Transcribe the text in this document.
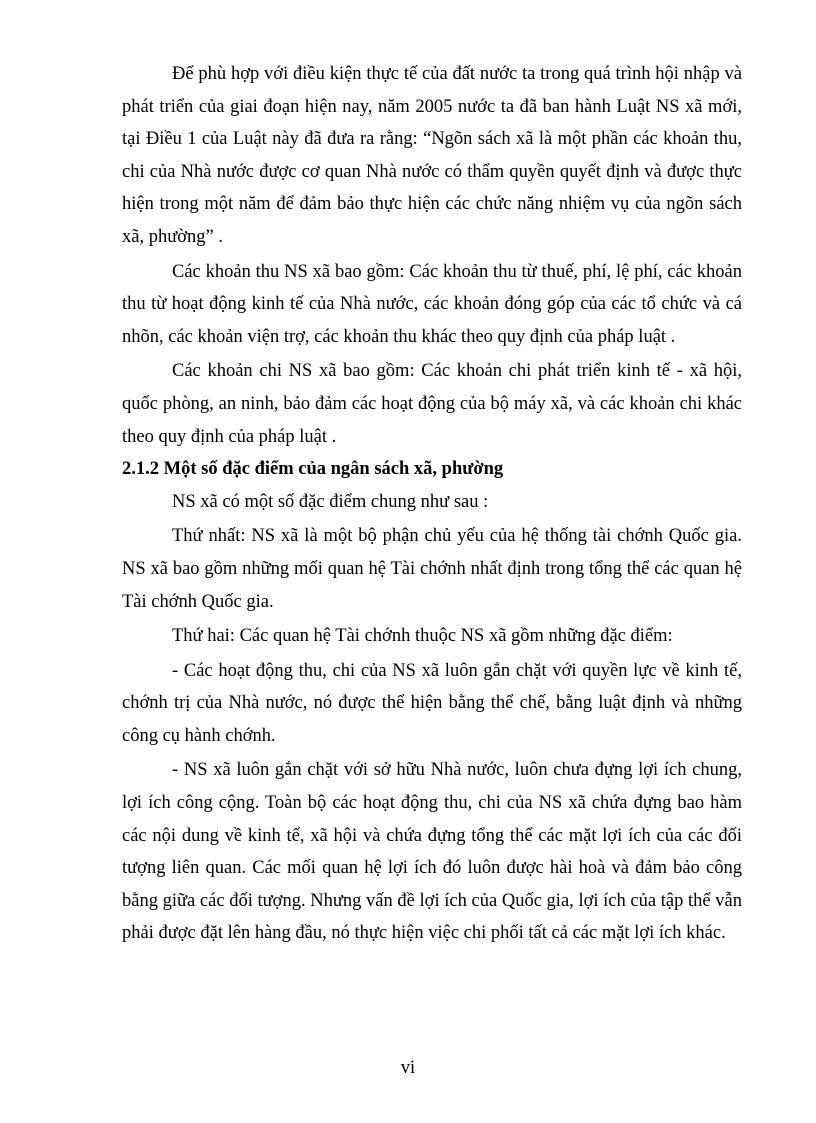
Để phù hợp với điều kiện thực tế của đất nước ta trong quá trình hội nhập và phát triển của giai đoạn hiện nay, năm 2005 nước ta đã ban hành Luật NS xã mới, tại Điều 1 của Luật này đã đưa ra rằng: “Ngõn sách xã là một phần các khoản thu, chi của Nhà nước được cơ quan Nhà nước có thẩm quyền quyết định và được thực hiện trong một năm để đảm bảo thực hiện các chức năng nhiệm vụ của ngõn sách xã, phường” .

Các khoản thu NS xã bao gồm: Các khoản thu từ thuế, phí, lệ phí, các khoản thu từ hoạt động kinh tế của Nhà nước, các khoản đóng góp của các tổ chức và cá nhõn, các khoản viện trợ, các khoản thu khác theo quy định của pháp luật .

Các khoản chi NS xã bao gồm: Các khoản chi phát triển kinh tế - xã hội, quốc phòng, an ninh, bảo đảm các hoạt động của bộ máy xã, và các khoản chi khác theo quy định của pháp luật .

2.1.2 Một số đặc điểm của ngân sách xã, phường

NS xã có một số đặc điểm chung như sau :

Thứ nhất: NS xã là một bộ phận chủ yếu của hệ thống tài chớnh Quốc gia. NS xã bao gồm những mối quan hệ Tài chớnh nhất định trong tổng thể các quan hệ Tài chớnh Quốc gia.

Thứ hai: Các quan hệ Tài chớnh thuộc NS xã gồm những đặc điểm:

- Các hoạt động thu, chi của NS xã luôn gắn chặt với quyền lực về kinh tế, chớnh trị của Nhà nước, nó được thể hiện bằng thể chế, bằng luật định và những công cụ hành chớnh.

- NS xã luôn gắn chặt với sở hữu Nhà nước, luôn chưa đựng lợi ích chung, lợi ích công cộng. Toàn bộ các hoạt động thu, chi của NS xã chứa đựng bao hàm các nội dung về kinh tế, xã hội và chứa đựng tổng thể các mặt lợi ích của các đối tượng liên quan. Các mối quan hệ lợi ích đó luôn được hài hoà và đảm bảo công bằng giữa các đối tượng. Nhưng vấn đề lợi ích của Quốc gia, lợi ích của tập thể vẫn phải được đặt lên hàng đầu, nó thực hiện việc chi phối tất cả các mặt lợi ích khác.

vi
